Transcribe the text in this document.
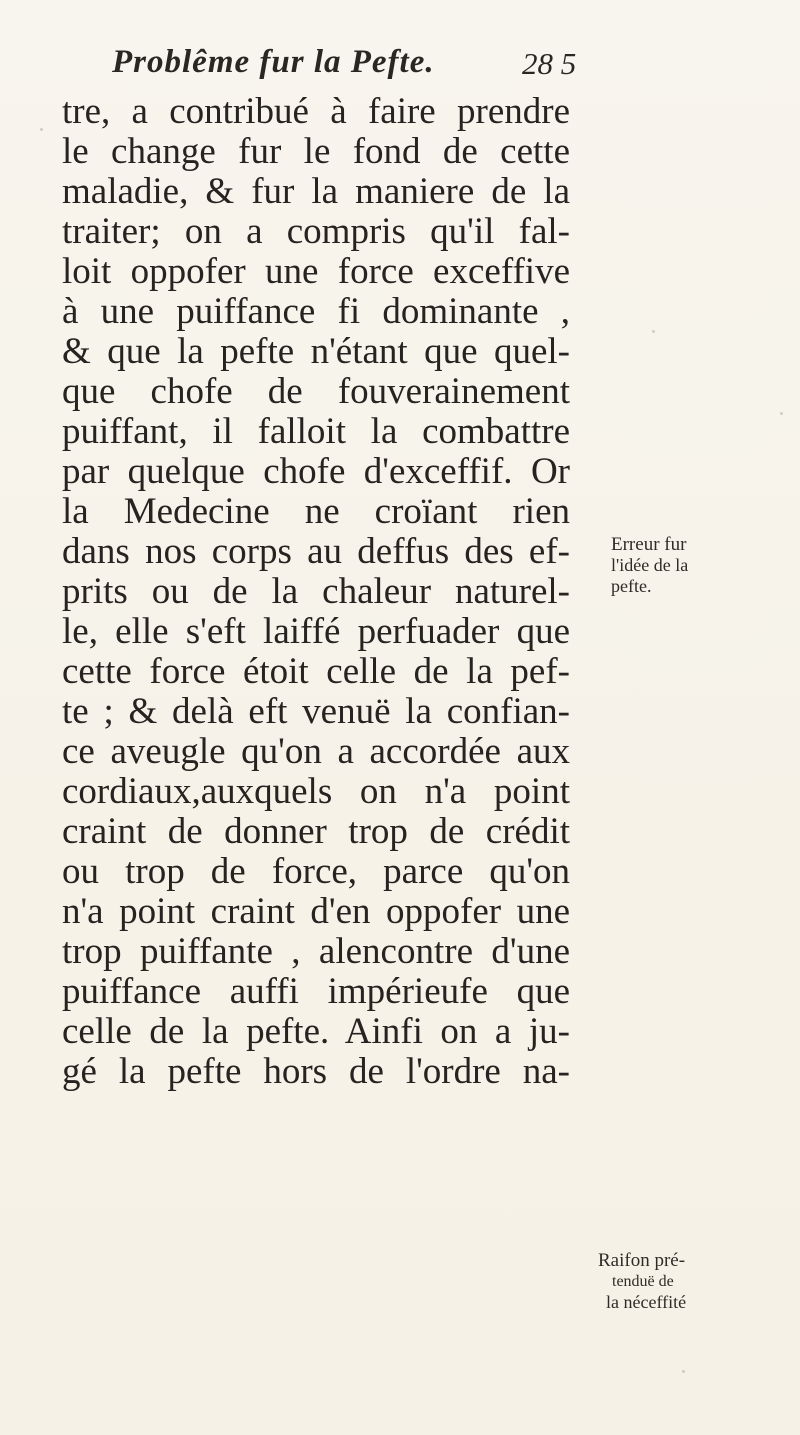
Problême fur la Pefte.	28 5
tre, a contribué à faire prendre
le change fur le fond de cette
maladie, & fur la maniere de la
traiter; on a compris qu'il fal-
loit oppofer une force exceffive
à une puiffance fi dominante ,
& que la pefte n'étant que quel-
que chofe de fouverainement
puiffant, il falloit la combattre
par quelque chofe d'exceffif. Or
la Medecine ne croïant rien
dans nos corps au deffus des ef-
prits ou de la chaleur naturel-
le, elle s'eft laiffé perfuader que
cette force étoit celle de la pef-
te ; & delà eft venuë la confian-
ce aveugle qu'on a accordée aux
cordiaux,auxquels on n'a point
craint de donner trop de crédit
ou trop de force, parce qu'on
n'a point craint d'en oppofer une
trop puiffante , alencontre d'une
puiffance auffi impérieufe que
celle de la pefte. Ainfi on a ju-
gé la pefte hors de l'ordre na-
Erreur fur
l'idée de la
pefte.
Raifon pré-
tenduë de
la néceffité
